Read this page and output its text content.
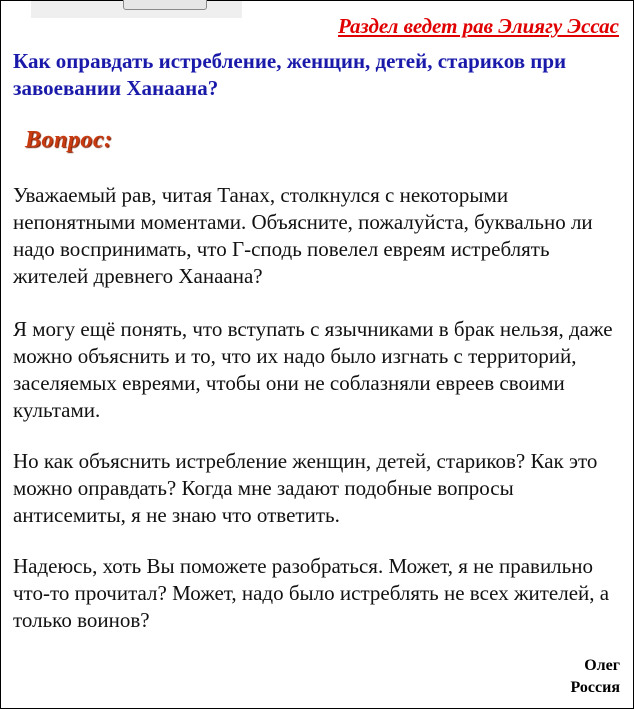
Раздел ведет рав Элиягу Эссас
Как оправдать истребление, женщин, детей, стариков при завоевании Ханаана?
Вопрос:

Уважаемый рав, читая Танах, столкнулся с некоторыми непонятными моментами. Объясните, пожалуйста, буквально ли надо воспринимать, что Г-сподь повелел евреям истреблять жителей древнего Ханаана?

Я могу ещё понять, что вступать с язычниками в брак нельзя, даже можно объяснить и то, что их надо было изгнать с территорий, заселяемых евреями, чтобы они не соблазняли евреев своими культами.

Но как объяснить истребление женщин, детей, стариков? Как это можно оправдать? Когда мне задают подобные вопросы антисемиты, я не знаю что ответить.

Надеюсь, хоть Вы поможете разобраться. Может, я не правильно что-то прочитал? Может, надо было истреблять не всех жителей, а только воинов?

Олег
Россия
